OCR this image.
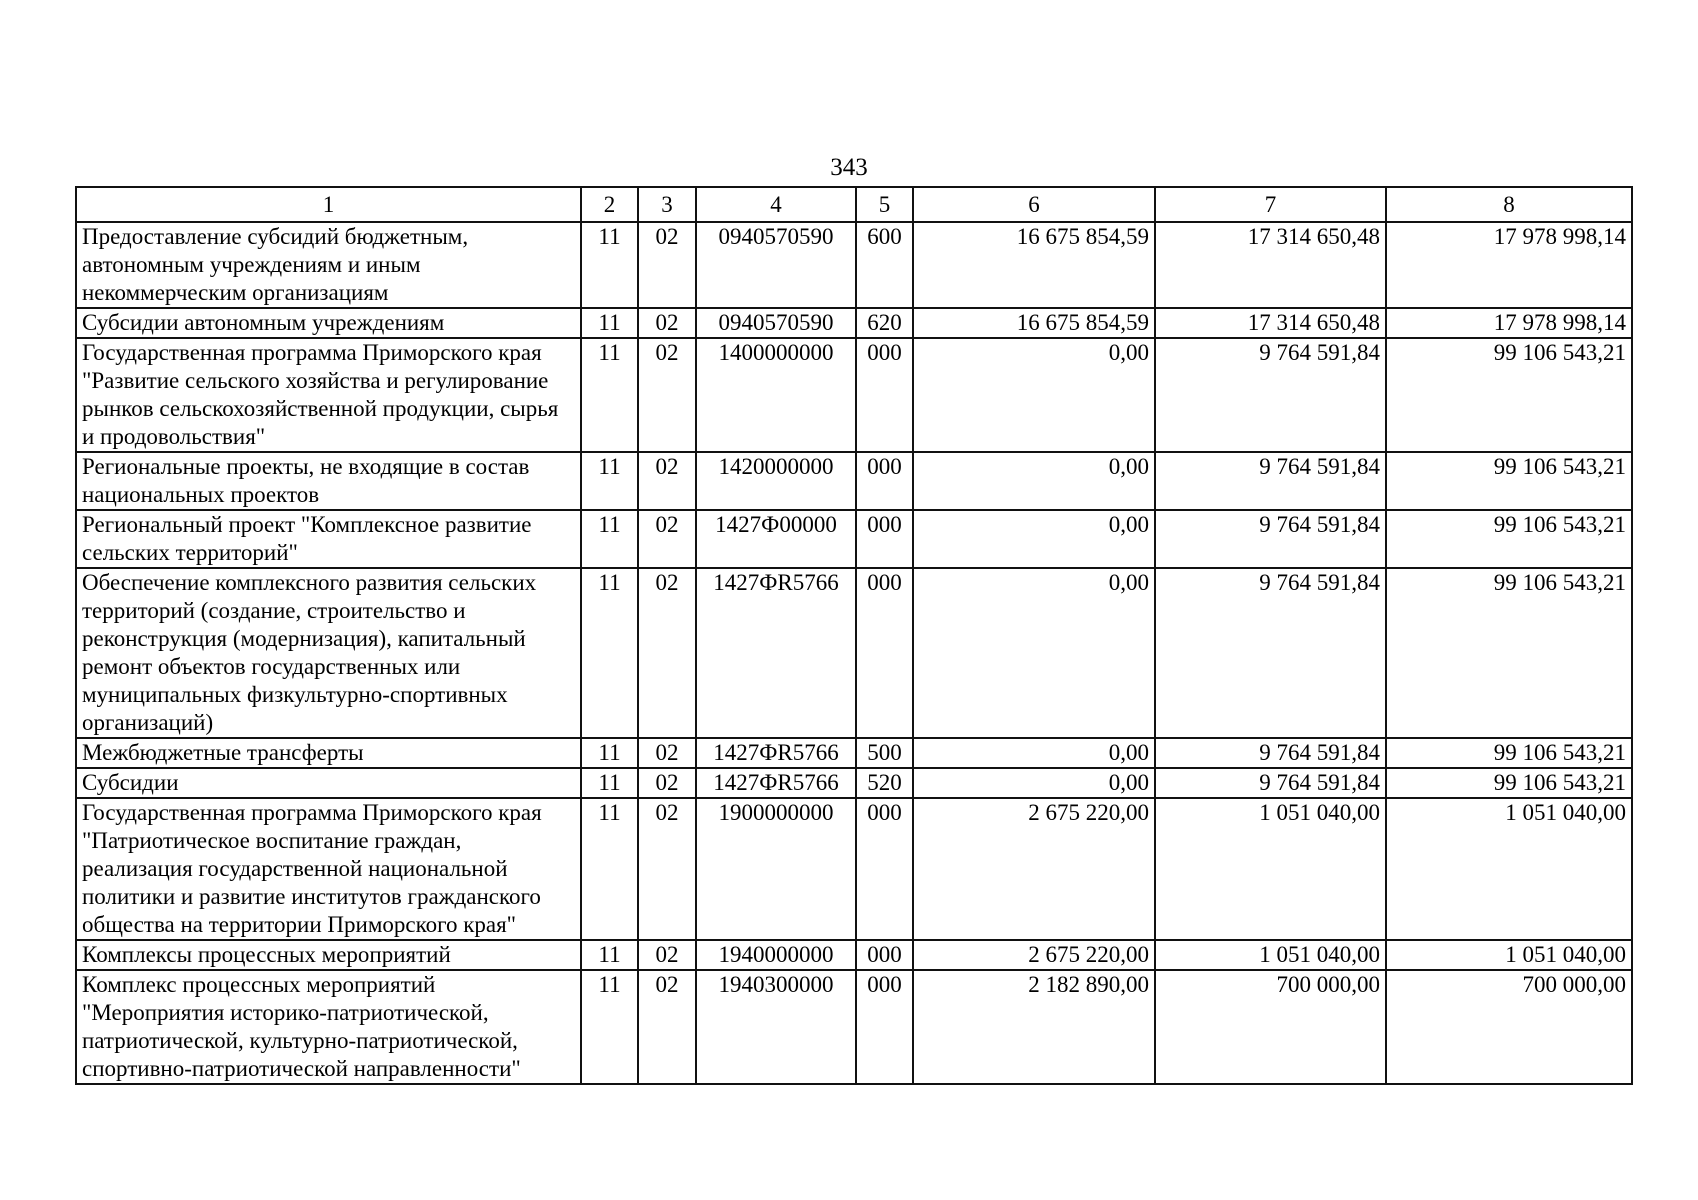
343
1	2	3	4	5	6	7	8
Предоставление субсидий бюджетным, автономным учреждениям и иным некоммерческим организациям	11	02	0940570590	600	16 675 854,59	17 314 650,48	17 978 998,14
Субсидии автономным учреждениям	11	02	0940570590	620	16 675 854,59	17 314 650,48	17 978 998,14
Государственная программа Приморского края "Развитие сельского хозяйства и регулирование рынков сельскохозяйственной продукции, сырья и продовольствия"	11	02	1400000000	000	0,00	9 764 591,84	99 106 543,21
Региональные проекты, не входящие в состав национальных проектов	11	02	1420000000	000	0,00	9 764 591,84	99 106 543,21
Региональный проект "Комплексное развитие сельских территорий"	11	02	1427Ф00000	000	0,00	9 764 591,84	99 106 543,21
Обеспечение комплексного развития сельских территорий (создание, строительство и реконструкция (модернизация), капитальный ремонт объектов государственных или муниципальных физкультурно-спортивных организаций)	11	02	1427ФR5766	000	0,00	9 764 591,84	99 106 543,21
Межбюджетные трансферты	11	02	1427ФR5766	500	0,00	9 764 591,84	99 106 543,21
Субсидии	11	02	1427ФR5766	520	0,00	9 764 591,84	99 106 543,21
Государственная программа Приморского края "Патриотическое воспитание граждан, реализация государственной национальной политики и развитие институтов гражданского общества на территории Приморского края"	11	02	1900000000	000	2 675 220,00	1 051 040,00	1 051 040,00
Комплексы процессных мероприятий	11	02	1940000000	000	2 675 220,00	1 051 040,00	1 051 040,00
Комплекс процессных мероприятий "Мероприятия историко-патриотической, патриотической, культурно-патриотической, спортивно-патриотической направленности"	11	02	1940300000	000	2 182 890,00	700 000,00	700 000,00
